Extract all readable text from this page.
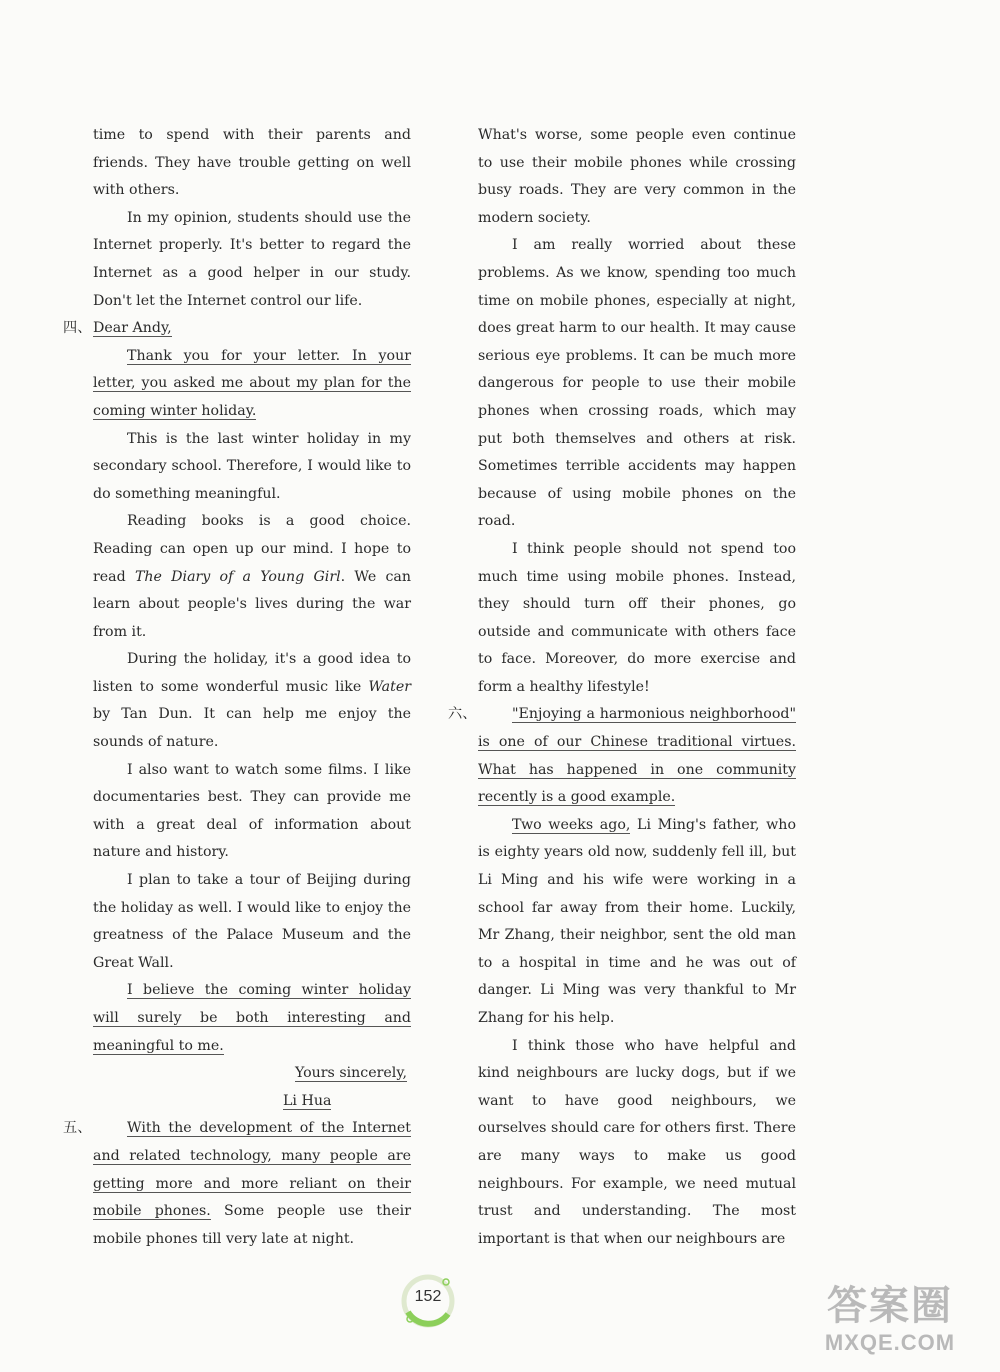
time to spend with their parents and friends. They have trouble getting on well with others.

In my opinion, students should use the Internet properly. It's better to regard the Internet as a good helper in our study. Don't let the Internet control our life.

四、 Dear Andy,

Thank you for your letter. In your letter, you asked me about my plan for the coming winter holiday.

This is the last winter holiday in my secondary school. Therefore, I would like to do something meaningful.

Reading books is a good choice. Reading can open up our mind. I hope to read The Diary of a Young Girl. We can learn about people's lives during the war from it.

During the holiday, it's a good idea to listen to some wonderful music like Water by Tan Dun. It can help me enjoy the sounds of nature.

I also want to watch some films. I like documentaries best. They can provide me with a great deal of information about nature and history.

I plan to take a tour of Beijing during the holiday as well. I would like to enjoy the greatness of the Palace Museum and the Great Wall.

I believe the coming winter holiday will surely be both interesting and meaningful to me.

Yours sincerely,

Li Hua

五、	With the development of the Internet and related technology, many people are getting more and more reliant on their mobile phones. Some people use their mobile phones till very late at night.

What's worse, some people even continue to use their mobile phones while crossing busy roads. They are very common in the modern society.

I am really worried about these problems. As we know, spending too much time on mobile phones, especially at night, does great harm to our health. It may cause serious eye problems. It can be much more dangerous for people to use their mobile phones when crossing roads, which may put both themselves and others at risk. Sometimes terrible accidents may happen because of using mobile phones on the road.

I think people should not spend too much time using mobile phones. Instead, they should turn off their phones, go outside and communicate with others face to face. Moreover, do more exercise and form a healthy lifestyle!

六、	"Enjoying a harmonious neighborhood" is one of our Chinese traditional virtues. What has happened in one community recently is a good example.

Two weeks ago, Li Ming's father, who is eighty years old now, suddenly fell ill, but Li Ming and his wife were working in a school far away from their home. Luckily, Mr Zhang, their neighbor, sent the old man to a hospital in time and he was out of danger. Li Ming was very thankful to Mr Zhang for his help.

I think those who have helpful and kind neighbours are lucky dogs, but if we want to have good neighbours, we ourselves should care for others first. There are many ways to make us good neighbours. For example, we need mutual trust and understanding. The most important is that when our neighbours are

152	答案圈
MXQE.COM
